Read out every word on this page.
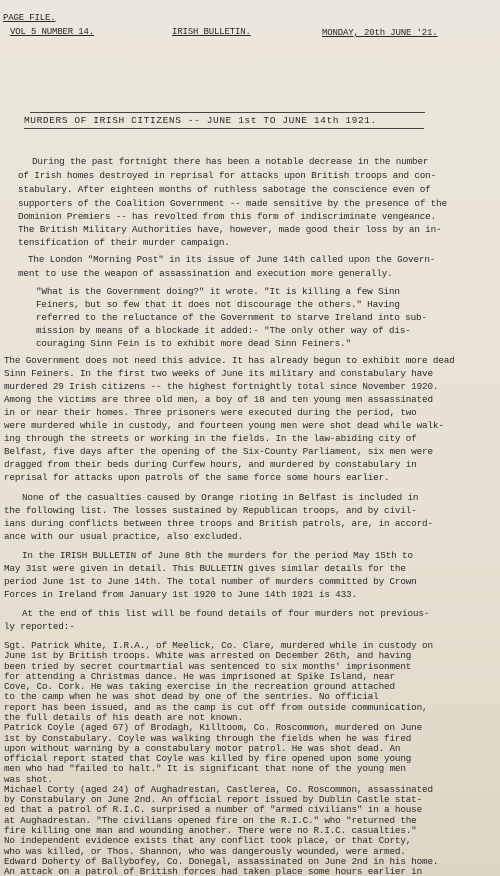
PAGE FILE.
VOL 5 NUMBER 14.	IRISH BULLETIN.	MONDAY, 20th JUNE '21.
MURDERS OF IRISH CITIZENS -- JUNE 1st TO JUNE 14th 1921.
During the past fortnight there has been a notable decrease in the number
of Irish homes destroyed in reprisal for attacks upon British troops and con-
stabulary. After eighteen months of ruthless sabotage the conscience even of
supporters of the Coalition Government -- made sensitive by the presence of the
Dominion Premiers -- has revolted from this form of indiscriminate vengeance.
The British Military Authorities have, however, made good their loss by an in-
tensification of their murder campaign.
The London "Morning Post" in its issue of June 14th called upon the Govern-
ment to use the weapon of assassination and execution more generally.
"What is the Government doing?" it wrote. "It is killing a few Sinn
Feiners, but so few that it does not discourage the others." Having
referred to the reluctance of the Government to starve Ireland into sub-
mission by means of a blockade it added:- "The only other way of dis-
couraging Sinn Fein is to exhibit more dead Sinn Feiners."
The Government does not need this advice. It has already begun to exhibit more dead
Sinn Feiners. In the first two weeks of June its military and constabulary have
murdered 29 Irish citizens -- the highest fortnightly total since November 1920.
Among the victims are three old men, a boy of 18 and ten young men assassinated
in or near their homes. Three prisoners were executed during the period, two
were murdered while in custody, and fourteen young men were shot dead while walk-
ing through the streets or working in the fields. In the law-abiding city of
Belfast, five days after the opening of the Six-County Parliament, six men were
dragged from their beds during Curfew hours, and murdered by constabulary in
reprisal for attacks upon patrols of the same force some hours earlier.
None of the casualties caused by Orange rioting in Belfast is included in
the following list. The losses sustained by Republican troops, and by civil-
ians during conflicts between three troops and British patrols, are, in accord-
ance with our usual practice, also excluded.
In the IRISH BULLETIN of June 8th the murders for the period May 15th to
May 31st were given in detail. This BULLETIN gives similar details for the
period June 1st to June 14th. The total number of murders committed by Crown
Forces in Ireland from January 1st 1920 to June 14th 1921 is 433.
At the end of this list will be found details of four murders not previous-
ly reported:-
Sgt. Patrick White, I.R.A., of Meelick, Co. Clare, murdered while in custody on
June 1st by British troops. White was arrested on December 26th, and having
been tried by secret courtmartial was sentenced to six months' imprisonment
for attending a Christmas dance. He was imprisoned at Spike Island, near
Cove, Co. Cork. He was taking exercise in the recreation ground attached
to the camp when he was shot dead by one of the sentries. No official
report has been issued, and as the camp is cut off from outside communication,
the full details of his death are not known.
Patrick Coyle (aged 67) of Brodagh, Killtoom, Co. Roscommon, murdered on June
1st by Constabulary. Coyle was walking through the fields when he was fired
upon without warning by a constabulary motor patrol. He was shot dead. An
official report stated that Coyle was killed by fire opened upon some young
men who had "failed to halt." It is significant that none of the young men
was shot.
Michael Corty (aged 24) of Aughadrestan, Castlerea, Co. Roscommon, assassinated
by Constabulary on June 2nd. An official report issued by Dublin Castle stat-
ed that a patrol of R.I.C. surprised a number of "armed civilians" in a house
at Aughadrestan. "The civilians opened fire on the R.I.C." who "returned the
fire killing one man and wounding another. There were no R.I.C. casualties."
No independent evidence exists that any conflict took place, or that Corty,
who was killed, or Thos. Shannon, who was dangerously wounded, were armed.
Edward Doherty of Ballybofey, Co. Donegal, assassinated on June 2nd in his home.
An attack on a patrol of British forces had taken place some hours earlier in
